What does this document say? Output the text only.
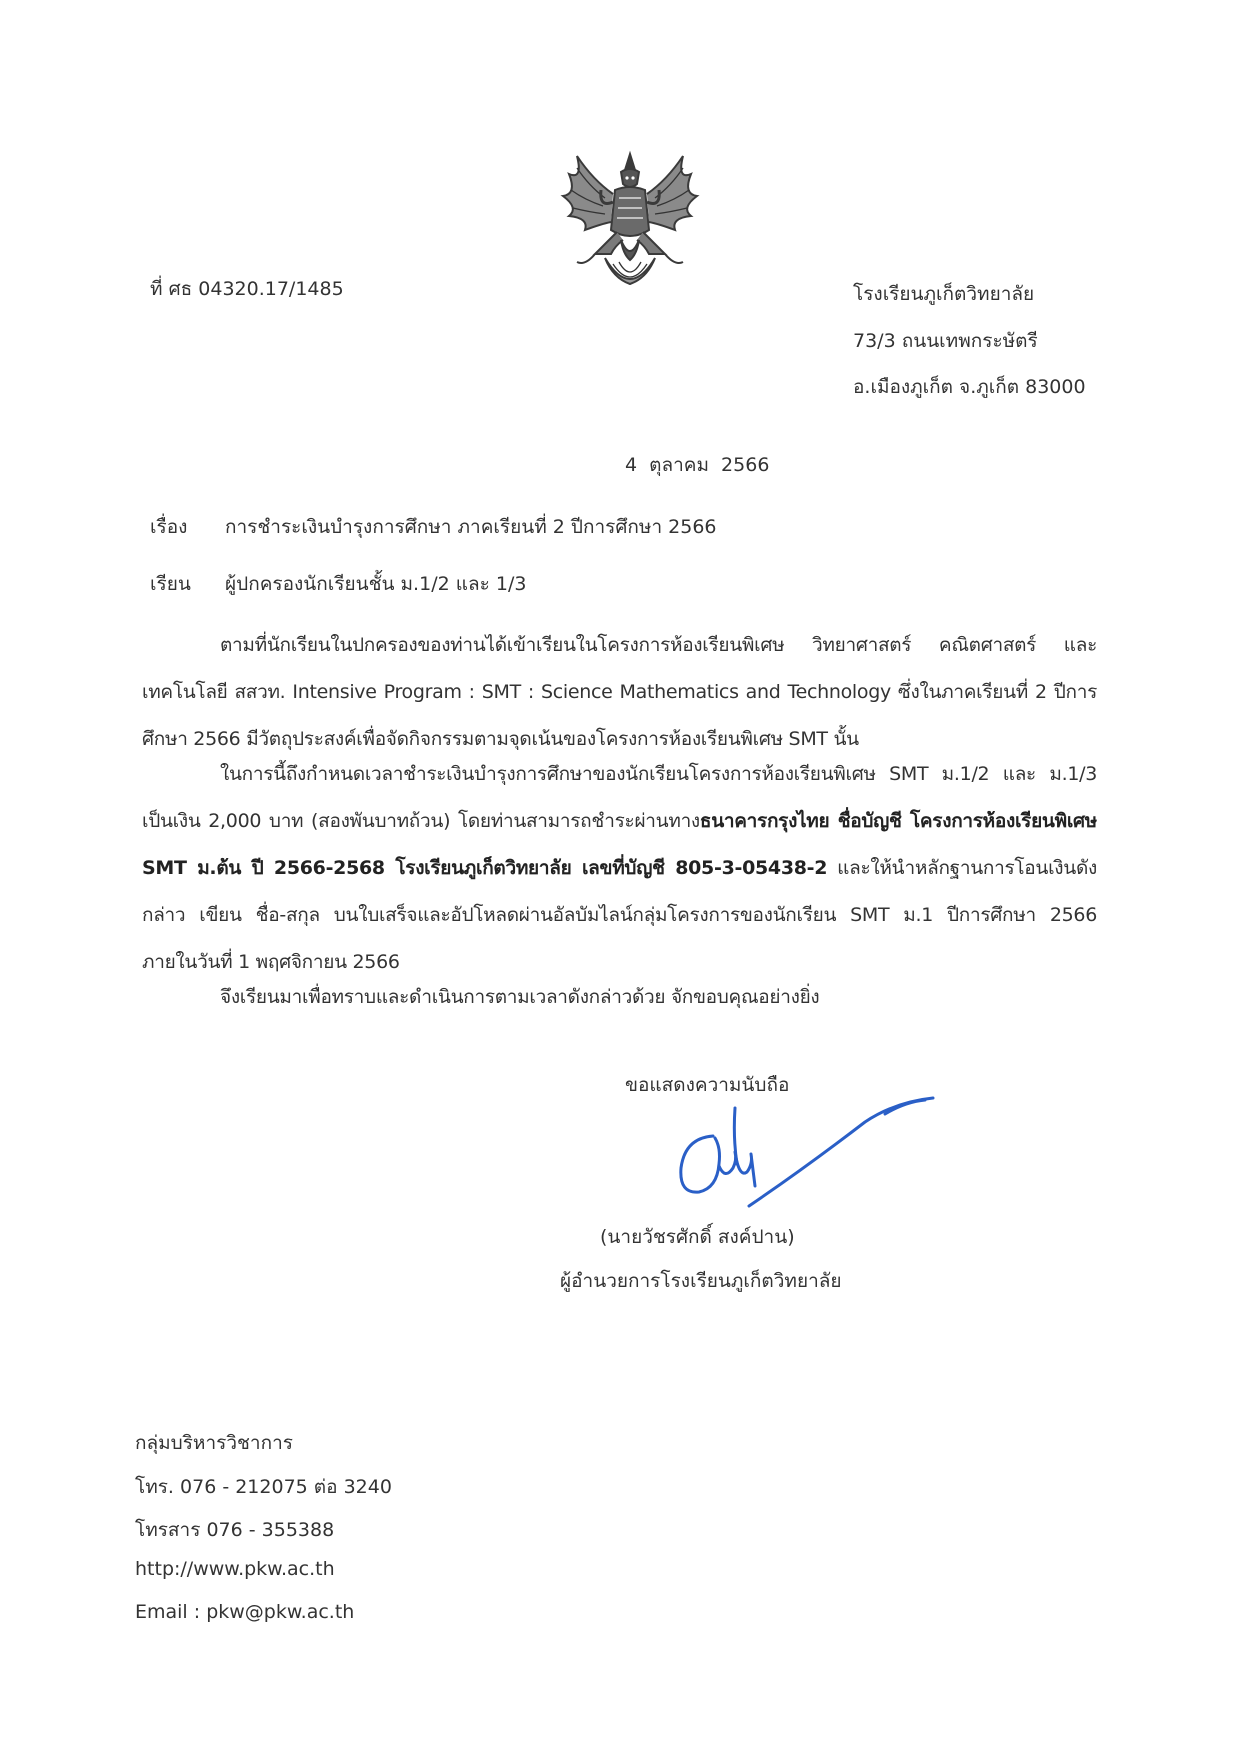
ที่ ศธ 04320.17/1485	โรงเรียนภูเก็ตวิทยาลัย
73/3 ถนนเทพกระษัตรี
อ.เมืองภูเก็ต จ.ภูเก็ต 83000
4 ตุลาคม 2566
เรื่อง การชำระเงินบำรุงการศึกษา ภาคเรียนที่ 2 ปีการศึกษา 2566
เรียน ผู้ปกครองนักเรียนชั้น ม.1/2 และ 1/3
ตามที่นักเรียนในปกครองของท่านได้เข้าเรียนในโครงการห้องเรียนพิเศษ วิทยาศาสตร์ คณิตศาสตร์ และเทคโนโลยี สสวท. Intensive Program : SMT : Science Mathematics and Technology ซึ่งในภาคเรียนที่ 2 ปีการศึกษา 2566 มีวัตถุประสงค์เพื่อจัดกิจกรรมตามจุดเน้นของโครงการห้องเรียนพิเศษ SMT นั้น
ในการนี้ถึงกำหนดเวลาชำระเงินบำรุงการศึกษาของนักเรียนโครงการห้องเรียนพิเศษ SMT ม.1/2 และ ม.1/3 เป็นเงิน 2,000 บาท (สองพันบาทถ้วน) โดยท่านสามารถชำระผ่านทางธนาคารกรุงไทย ชื่อบัญชี โครงการห้องเรียนพิเศษ SMT ม.ต้น ปี 2566-2568 โรงเรียนภูเก็ตวิทยาลัย เลขที่บัญชี 805-3-05438-2 และให้นำหลักฐานการโอนเงินดังกล่าว เขียน ชื่อ-สกุล บนใบเสร็จและอัปโหลดผ่านอัลบัมไลน์กลุ่มโครงการของนักเรียน SMT ม.1 ปีการศึกษา 2566 ภายในวันที่ 1 พฤศจิกายน 2566
จึงเรียนมาเพื่อทราบและดำเนินการตามเวลาดังกล่าวด้วย จักขอบคุณอย่างยิ่ง
ขอแสดงความนับถือ
(นายวัชรศักดิ์ สงค์ปาน)
ผู้อำนวยการโรงเรียนภูเก็ตวิทยาลัย
กลุ่มบริหารวิชาการ
โทร. 076 - 212075 ต่อ 3240
โทรสาร 076 - 355388
http://www.pkw.ac.th
Email : pkw@pkw.ac.th
